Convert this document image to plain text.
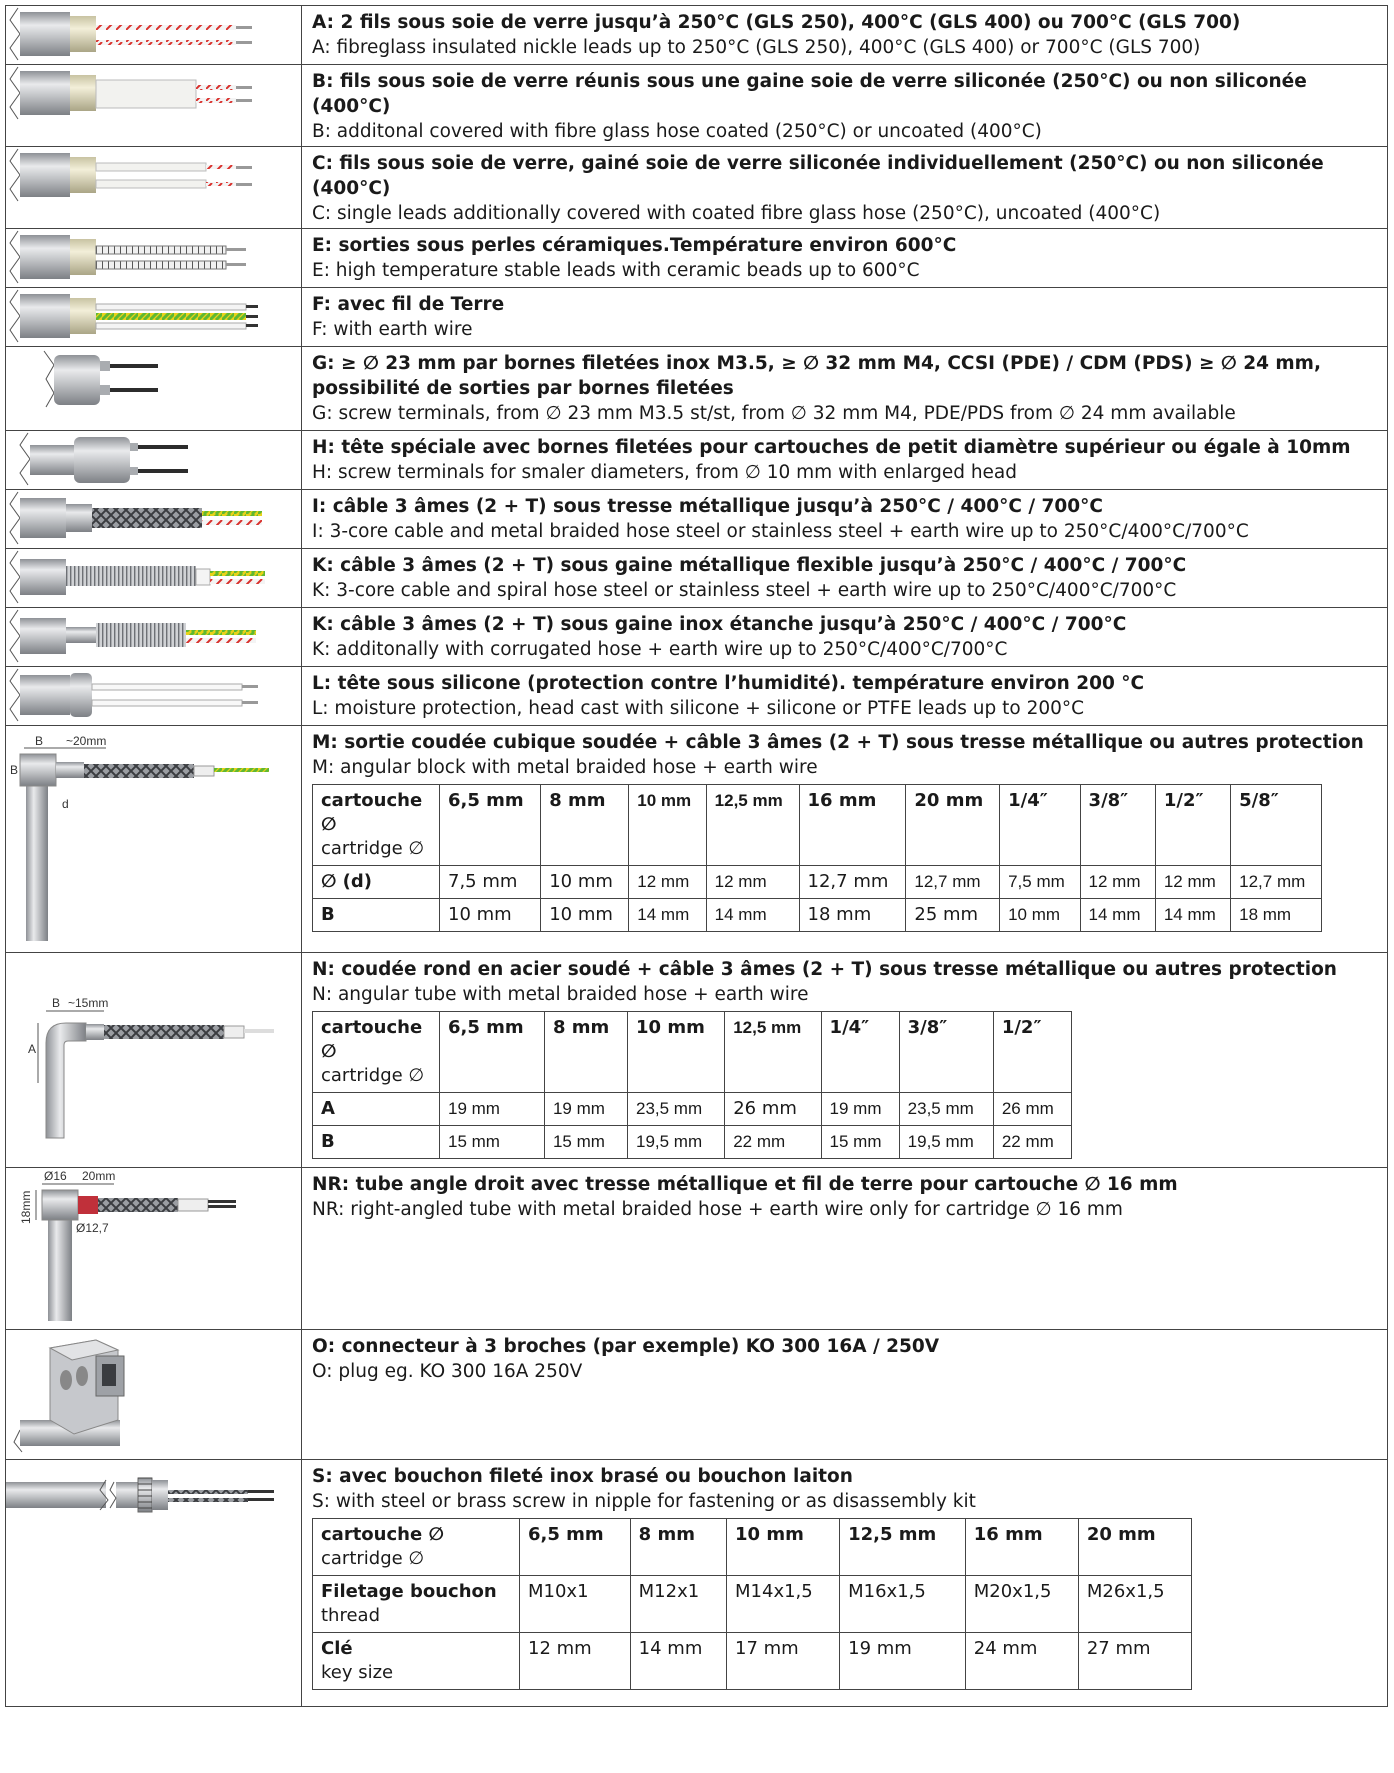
A: 2 fils sous soie de verre jusqu’à 250°C (GLS 250), 400°C (GLS 400) ou 700°C (GLS 700)
A: fibreglass insulated nickle leads up to 250°C (GLS 250), 400°C (GLS 400) or 700°C (GLS 700)

B: fils sous soie de verre réunis sous une gaine soie de verre siliconée (250°C) ou non siliconée (400°C)
B: additonal covered with fibre glass hose coated (250°C) or uncoated (400°C)

C: fils sous soie de verre, gainé soie de verre siliconée individuellement (250°C) ou non siliconée (400°C)
C: single leads additionally covered with coated fibre glass hose (250°C), uncoated (400°C)

E: sorties sous perles céramiques.Température environ 600°C
E: high temperature stable leads with ceramic beads up to 600°C

F: avec fil de Terre
F: with earth wire

G: ≥ ∅ 23 mm par bornes filetées inox M3.5, ≥ ∅ 32 mm M4, CCSI (PDE) / CDM (PDS) ≥ ∅ 24 mm, possibilité de sorties par bornes filetées
G: screw terminals, from ∅ 23 mm M3.5 st/st, from ∅ 32 mm M4, PDE/PDS from ∅ 24 mm available

H: tête spéciale avec bornes filetées pour cartouches de petit diamètre supérieur ou égale à 10mm
H: screw terminals for smaler diameters, from ∅ 10 mm with enlarged head

I: câble 3 âmes (2 + T) sous tresse métallique jusqu’à 250°C / 400°C / 700°C
I: 3-core cable and metal braided hose steel or stainless steel + earth wire up to 250°C/400°C/700°C

K: câble 3 âmes (2 + T) sous gaine métallique flexible jusqu’à 250°C / 400°C / 700°C
K: 3-core cable and spiral hose steel or stainless steel + earth wire up to 250°C/400°C/700°C

K: câble 3 âmes (2 + T) sous gaine inox étanche jusqu’à 250°C / 400°C / 700°C
K: additonally with corrugated hose + earth wire up to 250°C/400°C/700°C

L: tête sous silicone (protection contre l’humidité). température environ 200 °C
L: moisture protection, head cast with silicone + silicone or PTFE leads up to 200°C

B ~20mm
B
d

M: sortie coudée cubique soudée + câble 3 âmes (2 + T) sous tresse métallique ou autres protection
M: angular block with metal braided hose + earth wire
cartouche ∅
cartridge ∅	6,5 mm	8 mm	10 mm	12,5 mm	16 mm	20 mm	1/4″	3/8″	1/2″	5/8″
∅ (d)	7,5 mm	10 mm	12 mm	12 mm	12,7 mm	12,7 mm	7,5 mm	12 mm	12 mm	12,7 mm
B	10 mm	10 mm	14 mm	14 mm	18 mm	25 mm	10 mm	14 mm	14 mm	18 mm

B ~15mm
A

N: coudée rond en acier soudé + câble 3 âmes (2 + T) sous tresse métallique ou autres protection
N: angular tube with metal braided hose + earth wire
cartouche ∅
cartridge ∅	6,5 mm	8 mm	10 mm	12,5 mm	1/4″	3/8″	1/2″
A	19 mm	19 mm	23,5 mm	26 mm	19 mm	23,5 mm	26 mm
B	15 mm	15 mm	19,5 mm	22 mm	15 mm	19,5 mm	22 mm

Ø16 20mm
18mm
Ø12,7

NR: tube angle droit avec tresse métallique et fil de terre pour cartouche ∅ 16 mm
NR: right-angled tube with metal braided hose + earth wire only for cartridge ∅ 16 mm

O: connecteur à 3 broches (par exemple) KO 300 16A / 250V
O: plug eg. KO 300 16A 250V

S: avec bouchon fileté inox brasé ou bouchon laiton
S: with steel or brass screw in nipple for fastening or as disassembly kit
cartouche ∅
cartridge ∅	6,5 mm	8 mm	10 mm	12,5 mm	16 mm	20 mm
Filetage bouchon
thread	M10x1	M12x1	M14x1,5	M16x1,5	M20x1,5	M26x1,5
Clé
key size	12 mm	14 mm	17 mm	19 mm	24 mm	27 mm
